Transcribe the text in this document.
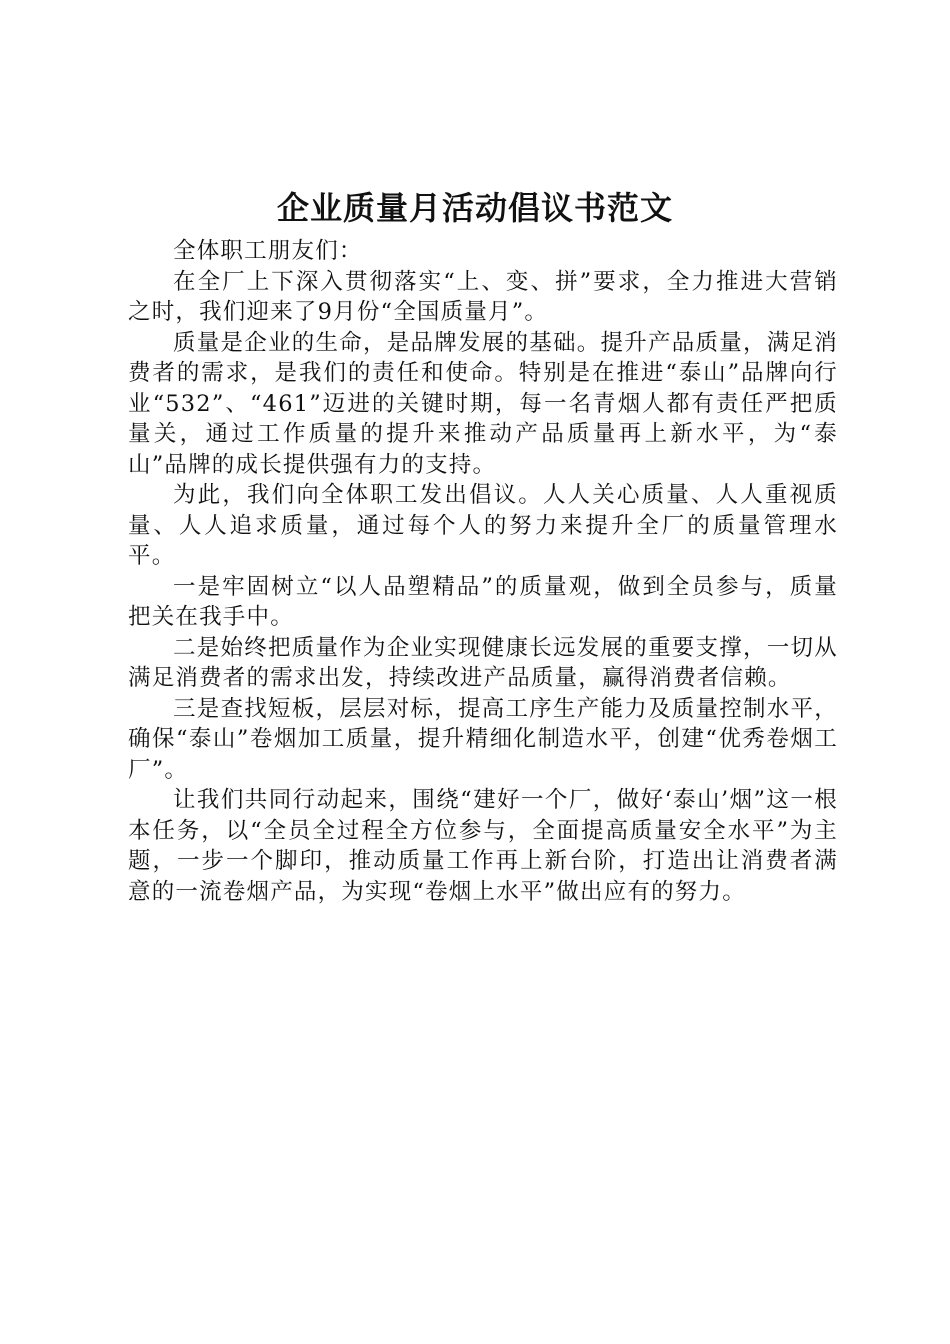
企业质量月活动倡议书范文

全体职工朋友们：

在全厂上下深入贯彻落实“上、变、拼”要求，全力推进大营销之时，我们迎来了9月份“全国质量月”。

质量是企业的生命，是品牌发展的基础。提升产品质量，满足消费者的需求，是我们的责任和使命。特别是在推进“泰山”品牌向行业“532”、“461”迈进的关键时期，每一名青烟人都有责任严把质量关，通过工作质量的提升来推动产品质量再上新水平，为“泰山”品牌的成长提供强有力的支持。

为此，我们向全体职工发出倡议。人人关心质量、人人重视质量、人人追求质量，通过每个人的努力来提升全厂的质量管理水平。

一是牢固树立“以人品塑精品”的质量观，做到全员参与，质量把关在我手中。

二是始终把质量作为企业实现健康长远发展的重要支撑，一切从满足消费者的需求出发，持续改进产品质量，赢得消费者信赖。

三是查找短板，层层对标，提高工序生产能力及质量控制水平，确保“泰山”卷烟加工质量，提升精细化制造水平，创建“优秀卷烟工厂”。

让我们共同行动起来，围绕“建好一个厂，做好‘泰山’烟”这一根本任务，以“全员全过程全方位参与，全面提高质量安全水平”为主题，一步一个脚印，推动质量工作再上新台阶，打造出让消费者满意的一流卷烟产品，为实现“卷烟上水平”做出应有的努力。
